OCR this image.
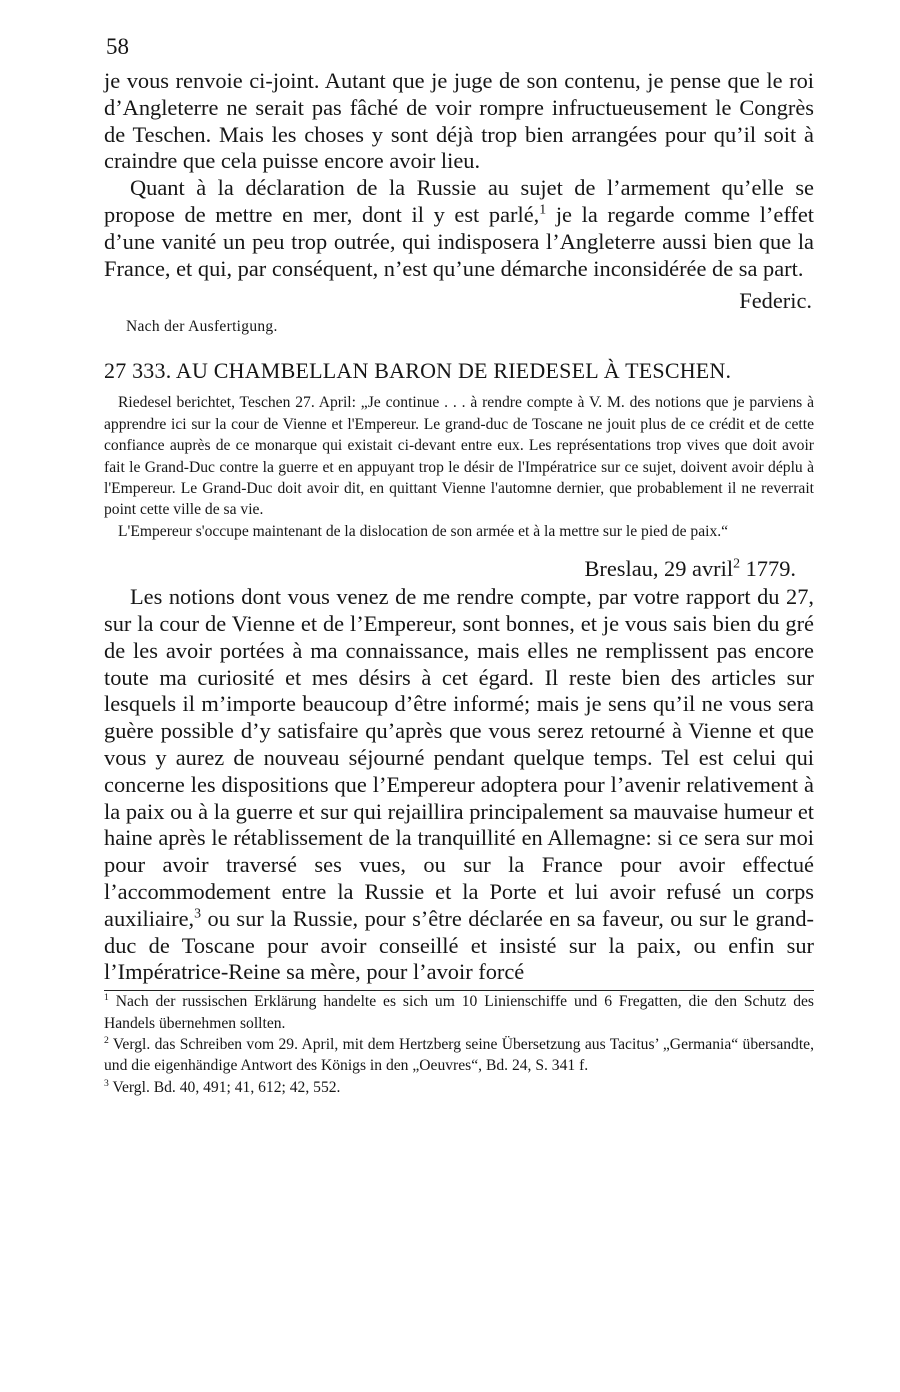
58

je vous renvoie ci-joint. Autant que je juge de son contenu, je pense que le roi d’Angleterre ne serait pas fâché de voir rompre infructueusement le Congrès de Teschen. Mais les choses y sont déjà trop bien arrangées pour qu’il soit à craindre que cela puisse encore avoir lieu.

Quant à la déclaration de la Russie au sujet de l’armement qu’elle se propose de mettre en mer, dont il y est parlé,$^1$ je la regarde comme l’effet d’une vanité un peu trop outrée, qui indisposera l’Angleterre aussi bien que la France, et qui, par conséquent, n’est qu’une démarche inconsidérée de sa part.

Federic.
Nach der Ausfertigung.
27 333. AU CHAMBELLAN BARON DE RIEDESEL À TESCHEN.

Riedesel berichtet, Teschen 27. April: „Je continue . . . à rendre compte à V. M. des notions que je parviens à apprendre ici sur la cour de Vienne et l'Empereur. Le grand-duc de Toscane ne jouit plus de ce crédit et de cette confiance auprès de ce monarque qui existait ci-devant entre eux. Les représentations trop vives que doit avoir fait le Grand-Duc contre la guerre et en appuyant trop le désir de l'Impératrice sur ce sujet, doivent avoir déplu à l'Empereur. Le Grand-Duc doit avoir dit, en quittant Vienne l'automne dernier, que probablement il ne reverrait point cette ville de sa vie.

L'Empereur s'occupe maintenant de la dislocation de son armée et à la mettre sur le pied de paix.“

Breslau, 29 avril$^2$ 1779.

Les notions dont vous venez de me rendre compte, par votre rapport du 27, sur la cour de Vienne et de l’Empereur, sont bonnes, et je vous sais bien du gré de les avoir portées à ma connaissance, mais elles ne remplissent pas encore toute ma curiosité et mes désirs à cet égard. Il reste bien des articles sur lesquels il m’importe beaucoup d’être informé; mais je sens qu’il ne vous sera guère possible d’y satisfaire qu’après que vous serez retourné à Vienne et que vous y aurez de nouveau séjourné pendant quelque temps. Tel est celui qui concerne les dispositions que l’Empereur adoptera pour l’avenir relativement à la paix ou à la guerre et sur qui rejaillira principalement sa mauvaise humeur et haine après le rétablissement de la tranquillité en Allemagne: si ce sera sur moi pour avoir traversé ses vues, ou sur la France pour avoir effectué l’accommodement entre la Russie et la Porte et lui avoir refusé un corps auxiliaire,$^3$ ou sur la Russie, pour s’être déclarée en sa faveur, ou sur le grand-duc de Toscane pour avoir conseillé et insisté sur la paix, ou enfin sur l’Impératrice-Reine sa mère, pour l’avoir forcé

$^1$ Nach der russischen Erklärung handelte es sich um 10 Linienschiffe und 6 Fregatten, die den Schutz des Handels übernehmen sollten.

$^2$ Vergl. das Schreiben vom 29. April, mit dem Hertzberg seine Übersetzung aus Tacitus’ „Germania“ übersandte, und die eigenhändige Antwort des Königs in den „Oeuvres“, Bd. 24, S. 341 f.

$^3$ Vergl. Bd. 40, 491; 41, 612; 42, 552.
